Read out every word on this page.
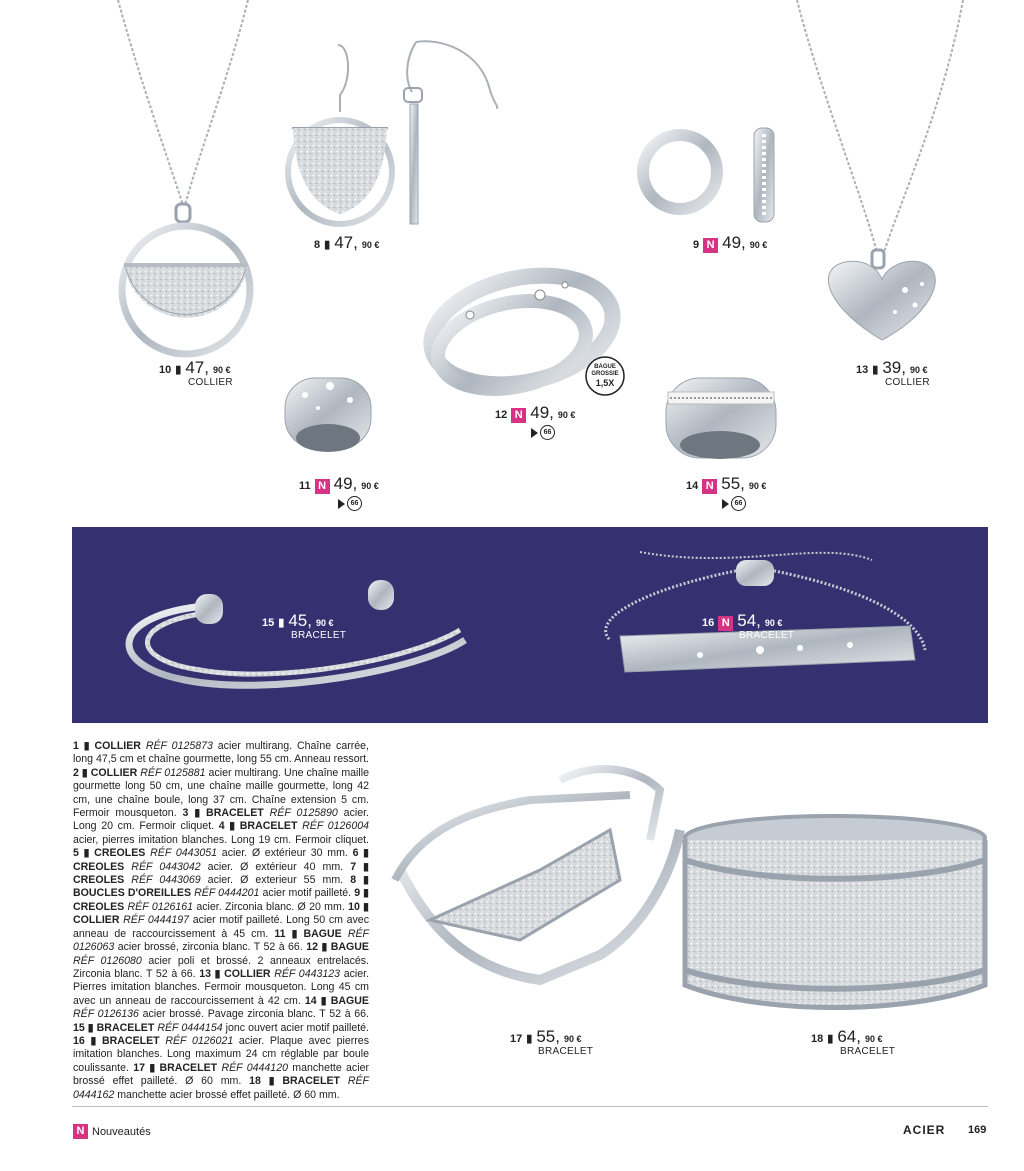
8 ▮ 47, 90 €	9 N 49, 90 €
10 ▮ 47, 90 €
COLLIER
13 ▮ 39, 90 €
COLLIER
BAGUE
GROSSIE
1,5X
12 N 49, 90 €
66
11 N 49, 90 €
66
14 N 55, 90 €
66
15 ▮ 45, 90 €
BRACELET
16 N 54, 90 €
BRACELET
17 ▮ 55, 90 €
BRACELET
18 ▮ 64, 90 €
BRACELET
1 ▮ COLLIER RÉF 0125873 acier multirang. Chaîne carrée, long 47,5 cm et chaîne gourmette, long 55 cm. Anneau ressort. 2 ▮ COLLIER RÉF 0125881 acier multirang. Une chaîne maille gourmette long 50 cm, une chaîne maille gourmette, long 42 cm, une chaîne boule, long 37 cm. Chaîne extension 5 cm. Fermoir mousqueton. 3 ▮ BRACELET RÉF 0125890 acier. Long 20 cm. Fermoir cliquet. 4 ▮ BRACELET RÉF 0126004 acier, pierres imitation blanches. Long 19 cm. Fermoir cliquet. 5 ▮ CREOLES RÉF 0443051 acier. Ø extérieur 30 mm. 6 ▮ CREOLES RÉF 0443042 acier. Ø extérieur 40 mm. 7 ▮ CREOLES RÉF 0443069 acier. Ø exterieur 55 mm. 8 ▮ BOUCLES D'OREILLES RÉF 0444201 acier motif pailleté. 9 ▮ CREOLES RÉF 0126161 acier. Zirconia blanc. Ø 20 mm. 10 ▮ COLLIER RÉF 0444197 acier motif pailleté. Long 50 cm avec anneau de raccourcissement à 45 cm. 11 ▮ BAGUE RÉF 0126063 acier brossé, zirconia blanc. T 52 à 66. 12 ▮ BAGUE RÉF 0126080 acier poli et brossé. 2 anneaux entrelacés. Zirconia blanc. T 52 à 66. 13 ▮ COLLIER RÉF 0443123 acier. Pierres imitation blanches. Fermoir mousqueton. Long 45 cm avec un anneau de raccourcissement à 42 cm. 14 ▮ BAGUE RÉF 0126136 acier brossé. Pavage zirconia blanc. T 52 à 66. 15 ▮ BRACELET RÉF 0444154 jonc ouvert acier motif pailleté. 16 ▮ BRACELET RÉF 0126021 acier. Plaque avec pierres imitation blanches. Long maximum 24 cm réglable par boule coulissante. 17 ▮ BRACELET RÉF 0444120 manchette acier brossé effet pailleté. Ø 60 mm. 18 ▮ BRACELET RÉF 0444162 manchette acier brossé effet pailleté. Ø 60 mm.
N Nouveautés	ACIER 169
